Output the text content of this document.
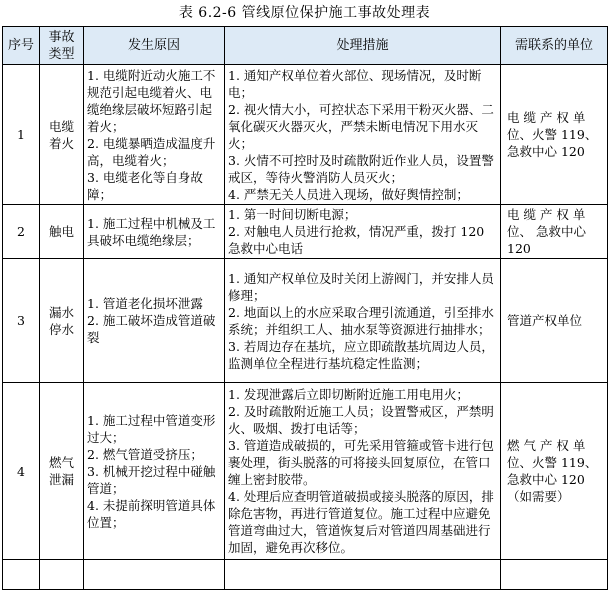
表 6.2-6 管线原位保护施工事故处理表
序号	事故类型	发生原因	处理措施	需联系的单位
1	电缆着火	1. 电缆附近动火施工不规范引起电缆着火、电缆绝缘层破坏短路引起着火；
2. 电缆暴晒造成温度升高，电缆着火；
3. 电缆老化等自身故障；	1. 通知产权单位着火部位、现场情况，及时断电；
2. 视火情大小，可控状态下采用干粉灭火器、二氧化碳灭火器灭火，严禁未断电情况下用水灭火；
3. 火情不可控时及时疏散附近作业人员，设置警戒区，等待火警消防人员灭火；
4. 严禁无关人员进入现场，做好舆情控制；	电 缆 产 权 单 位、火警 119、急救中心 120
2	触电	1. 施工过程中机械及工具破坏电缆绝缘层；	1. 第一时间切断电源；
2. 对触电人员进行抢救，情况严重，拨打 120 急救中心电话	电 缆 产 权 单 位、 急救中心 120
3	漏水停水	1. 管道老化损坏泄露
2. 施工破坏造成管道破裂	1. 通知产权单位及时关闭上游阀门，并安排人员修理；
2. 地面以上的水应采取合理引流通道，引至排水系统；并组织工人、抽水泵等资源进行抽排水；
3. 若周边存在基坑，应立即疏散基坑周边人员，监测单位全程进行基坑稳定性监测；	管道产权单位
4	燃气泄漏	1. 施工过程中管道变形过大；
2. 燃气管道受挤压；
3. 机械开挖过程中碰触管道；
4. 未提前探明管道具体位置；	1. 发现泄露后立即切断附近施工用电用火；
2. 及时疏散附近施工人员；设置警戒区，严禁明火、吸烟、拨打电话等；
3. 管道造成破损的，可先采用管箍或管卡进行包裹处理，街头脱落的可将接头回复原位，在管口缠上密封胶带。
4. 处理后应查明管道破损或接头脱落的原因，排除危害物，再进行管道复位。施工过程中应避免管道弯曲过大，管道恢复后对管道四周基础进行加固，避免再次移位。	燃 气 产 权 单 位、火警 119、急救中心 120 （如需要）
